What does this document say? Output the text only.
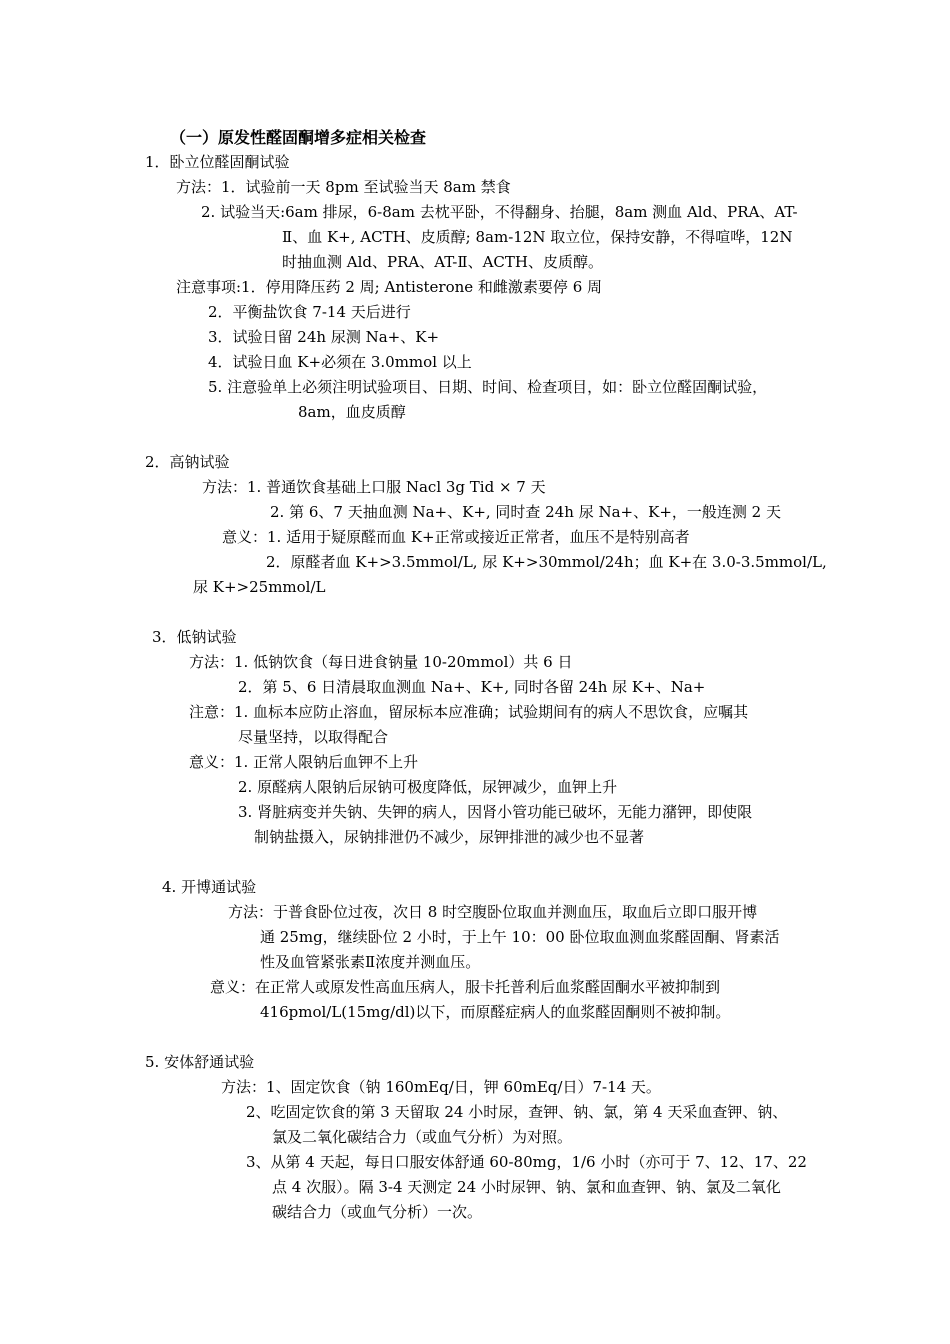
（一）原发性醛固酮增多症相关检查
1．卧立位醛固酮试验
方法：1．试验前一天 8pm 至试验当天 8am 禁食
2. 试验当天:6am 排尿，6-8am 去枕平卧，不得翻身、抬腿，8am 测血 Ald、PRA、AT-
Ⅱ、血 K+, ACTH、皮质醇; 8am-12N 取立位，保持安静，不得喧哗，12N
时抽血测 Ald、PRA、AT-Ⅱ、ACTH、皮质醇。
注意事项:1．停用降压药 2 周; Antisterone 和雌激素要停 6 周
2．平衡盐饮食 7-14 天后进行
3．试验日留 24h 尿测 Na+、K+
4．试验日血 K+必须在 3.0mmol 以上
5. 注意验单上必须注明试验项目、日期、时间、检查项目，如：卧立位醛固酮试验，
8am，血皮质醇
2．高钠试验
方法：1. 普通饮食基础上口服 Nacl 3g Tid × 7 天
2. 第 6、7 天抽血测 Na+、K+, 同时查 24h 尿 Na+、K+，一般连测 2 天
意义：1. 适用于疑原醛而血 K+正常或接近正常者，血压不是特别高者
2．原醛者血 K+>3.5mmol/L, 尿 K+>30mmol/24h；血 K+在 3.0-3.5mmol/L,
尿 K+>25mmol/L
3．低钠试验
方法：1. 低钠饮食（每日进食钠量 10-20mmol）共 6 日
2．第 5、6 日清晨取血测血 Na+、K+, 同时各留 24h 尿 K+、Na+
注意：1. 血标本应防止溶血，留尿标本应准确；试验期间有的病人不思饮食，应嘱其
尽量坚持，以取得配合
意义：1. 正常人限钠后血钾不上升
2. 原醛病人限钠后尿钠可极度降低，尿钾减少，血钾上升
3. 肾脏病变并失钠、失钾的病人，因肾小管功能已破坏，无能力潴钾，即使限
制钠盐摄入，尿钠排泄仍不减少，尿钾排泄的减少也不显著
4. 开博通试验
方法：于普食卧位过夜，次日 8 时空腹卧位取血并测血压，取血后立即口服开博
通 25mg，继续卧位 2 小时，于上午 10：00 卧位取血测血浆醛固酮、肾素活
性及血管紧张素Ⅱ浓度并测血压。
意义：在正常人或原发性高血压病人，服卡托普利后血浆醛固酮水平被抑制到
416pmol/L(15mg/dl)以下，而原醛症病人的血浆醛固酮则不被抑制。
5. 安体舒通试验
方法：1、固定饮食（钠 160mEq/日，钾 60mEq/日）7-14 天。
2、吃固定饮食的第 3 天留取 24 小时尿，查钾、钠、氯，第 4 天采血查钾、钠、
氯及二氧化碳结合力（或血气分析）为对照。
3、从第 4 天起，每日口服安体舒通 60-80mg，1/6 小时（亦可于 7、12、17、22
点 4 次服）。隔 3-4 天测定 24 小时尿钾、钠、氯和血查钾、钠、氯及二氧化
碳结合力（或血气分析）一次。
